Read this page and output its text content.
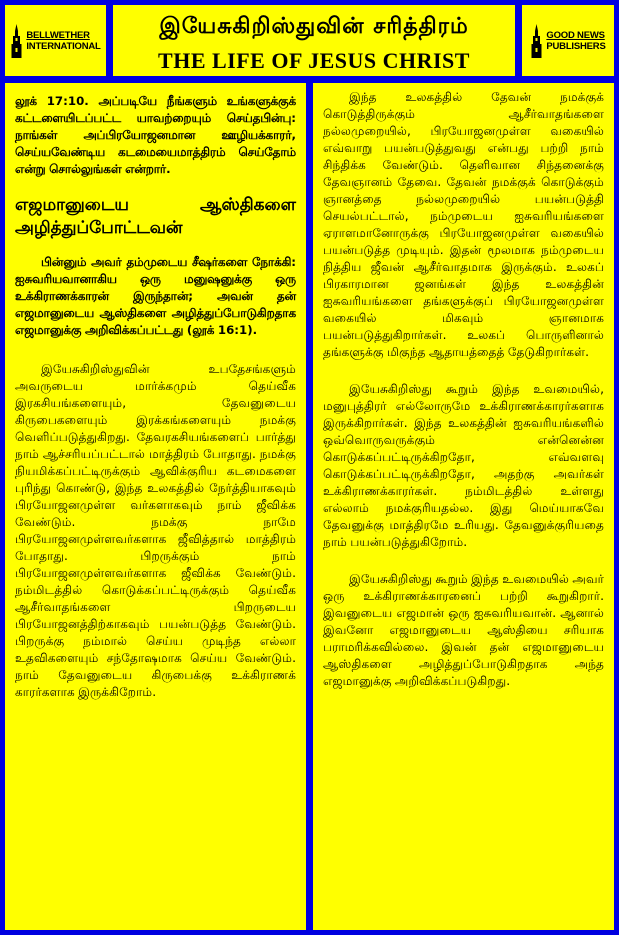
BELLWETHER
INTERNATIONAL
இயேசுகிறிஸ்துவின் சரித்திரம்
THE LIFE OF JESUS CHRIST
GOOD NEWS
PUBLISHERS

லூக் 17:10. அப்படியே நீங்களும் உங்களுக்குக் கட்டளையிடப்பட்ட யாவற்றையும் செய்தபின்பு: நாங்கள் அப்பிரயோஜனமான ஊழியக்காரர், செய்யவேண்டிய கடமையைமாத்திரம் செய்தோம் என்று சொல்லுங்கள் என்றார்.

எஜமானுடைய ஆஸ்திகளை அழித்துப்போட்டவன்

பின்னும் அவர் தம்முடைய சீஷர்களை நோக்கி: ஐசுவரியவானாகிய ஒரு மனுஷனுக்கு ஒரு உக்கிராணக்காரன் இருந்தான்; அவன் தன் எஜமானுடைய ஆஸ்திகளை அழித்துப்போடுகிறதாக எஜமானுக்கு அறிவிக்கப்பட்டது (லூக் 16:1).

இயேசுகிறிஸ்துவின் உபதேசங்களும் அவருடைய மார்க்கமும் தெய்வீக இரகசியங்களையும், தேவனுடைய கிருபைகளையும் இரக்கங்களையும் நமக்கு வெளிப்படுத்துகிறது. தேவரகசியங்களைப் பார்த்து நாம் ஆச்சரியப்பட்டால் மாத்திரம் போதாது. நமக்கு நியமிக்கப்பட்டிருக்கும் ஆவிக்குரிய கடமைகளை புரிந்து கொண்டு, இந்த உலகத்தில் நேர்த்தியாகவும் பிரயோஜனமுள்ள வர்களாகவும் நாம் ஜீவிக்க வேண்டும். நமக்கு நாமே பிரயோஜனமுள்ளவர்களாக ஜீவித்தால் மாத்திரம் போதாது. பிறருக்கும் நாம் பிரயோஜனமுள்ளவர்களாக ஜீவிக்க வேண்டும். நம்மிடத்தில் கொடுக்கப்பட்டிருக்கும் தெய்வீக ஆசீர்வாதங்களை பிறருடைய பிரயோஜனத்திற்காகவும் பயன்படுத்த வேண்டும். பிறருக்கு நம்மால் செய்ய முடிந்த எல்லா உதவிகளையும் சந்தோஷமாக செய்ய வேண்டும். நாம் தேவனுடைய கிருபைக்கு உக்கிராணக் காரர்களாக இருக்கிறோம்.

இந்த உலகத்தில் தேவன் நமக்குக் கொடுத்திருக்கும் ஆசீர்வாதங்களை நல்லமுறையில், பிரயோஜனமுள்ள வகையில் எவ்வாறு பயன்படுத்துவது என்பது பற்றி நாம் சிந்திக்க வேண்டும். தெளிவான சிந்தனைக்கு தேவஞானம் தேவை. தேவன் நமக்குக் கொடுக்கும் ஞானத்தை நல்லமுறையில் பயன்படுத்தி செயல்பட்டால், நம்முடைய ஐசுவரியங்களை ஏராளமானோருக்கு பிரயோஜனமுள்ள வகையில் பயன்படுத்த முடியும். இதன் மூலமாக நம்முடைய நித்திய ஜீவன் ஆசீர்வாதமாக இருக்கும். உலகப் பிரகாரமான ஜனங்கள் இந்த உலகத்தின் ஐசுவரியங்களை தங்களுக்குப் பிரயோஜனமுள்ள வகையில் மிகவும் ஞானமாக பயன்படுத்துகிறார்கள். உலகப் பொருளினால் தங்களுக்கு மிகுந்த ஆதாயத்தைத் தேடுகிறார்கள்.

இயேசுகிறிஸ்து கூறும் இந்த உவமையில், மனுபுத்திரர் எல்லோருமே உக்கிராணக்காரர்களாக இருக்கிறார்கள். இந்த உலகத்தின் ஐசுவரியங்களில் ஒவ்வொருவருக்கும் என்னென்ன கொடுக்கப்பட்டிருக்கிறதோ, எவ்வளவு கொடுக்கப்பட்டிருக்கிறதோ, அதற்கு அவர்கள் உக்கிராணக்காரர்கள். நம்மிடத்தில் உள்ளது எல்லாம் நமக்குரியதல்ல. இது மெய்யாகவே தேவனுக்கு மாத்திரமே உரியது. தேவனுக்குரியதை நாம் பயன்படுத்துகிறோம்.

இயேசுகிறிஸ்து கூறும் இந்த உவமையில் அவர் ஒரு உக்கிராணக்காரனைப் பற்றி கூறுகிறார். இவனுடைய எஜமான் ஒரு ஐசுவரியவான். ஆனால் இவனோ எஜமானுடைய ஆஸ்தியை சரியாக பராமரிக்கவில்லை. இவன் தன் எஜமானுடைய ஆஸ்திகளை அழித்துப்போடுகிறதாக அந்த எஜமானுக்கு அறிவிக்கப்படுகிறது.
